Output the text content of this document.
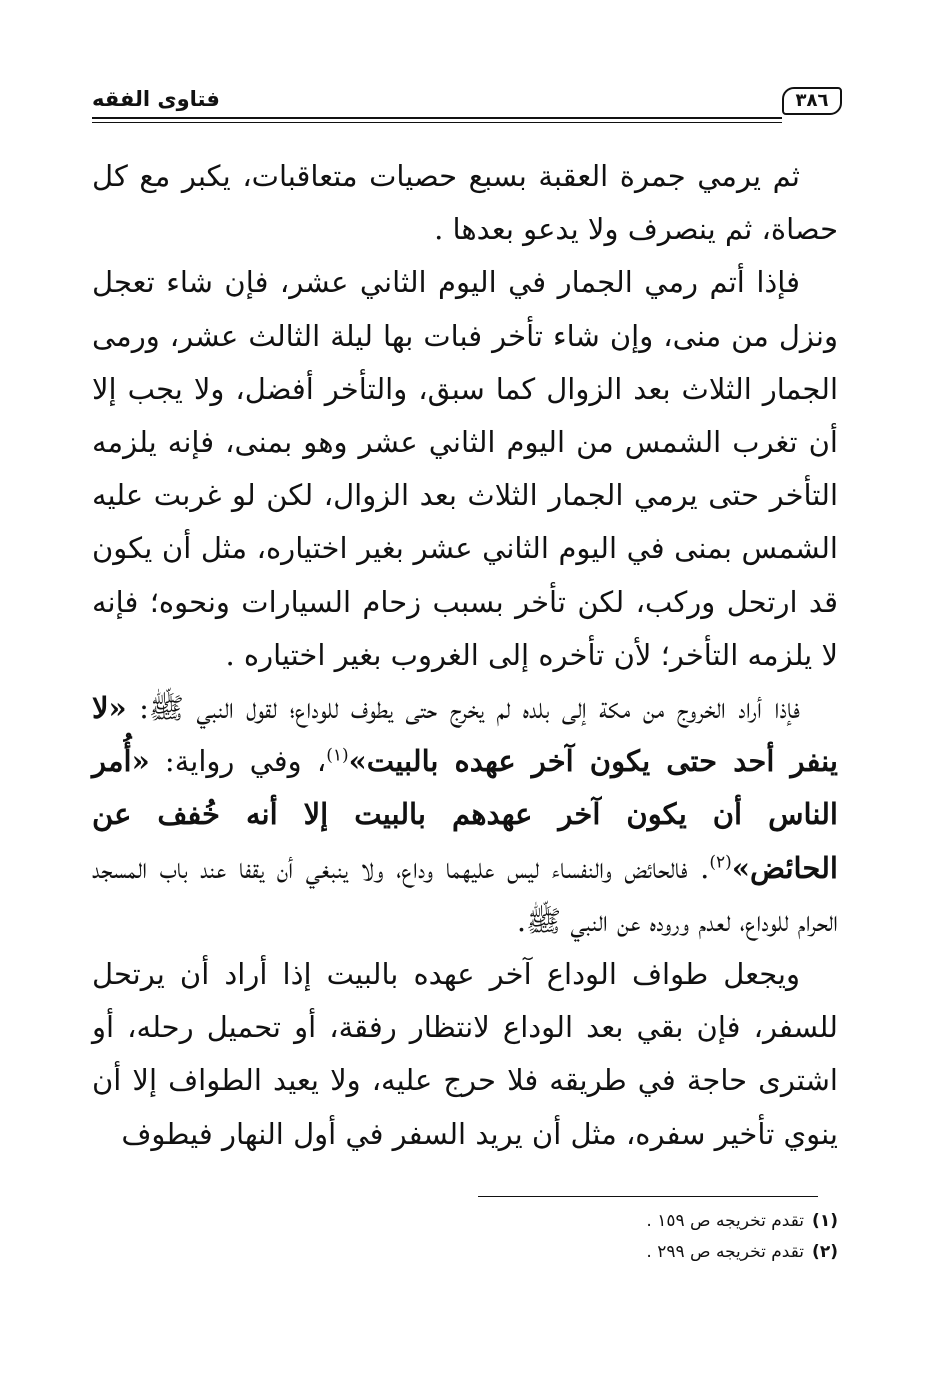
فتاوى الفقه	٣٨٦

ثم يرمي جمرة العقبة بسبع حصيات متعاقبات، يكبر مع كل حصاة، ثم ينصرف ولا يدعو بعدها .

فإذا أتم رمي الجمار في اليوم الثاني عشر، فإن شاء تعجل ونزل من منى، وإن شاء تأخر فبات بها ليلة الثالث عشر، ورمى الجمار الثلاث بعد الزوال كما سبق، والتأخر أفضل، ولا يجب إلا أن تغرب الشمس من اليوم الثاني عشر وهو بمنى، فإنه يلزمه التأخر حتى يرمي الجمار الثلاث بعد الزوال، لكن لو غربت عليه الشمس بمنى في اليوم الثاني عشر بغير اختياره، مثل أن يكون قد ارتحل وركب، لكن تأخر بسبب زحام السيارات ونحوه؛ فإنه لا يلزمه التأخر؛ لأن تأخره إلى الغروب بغير اختياره .

فإذا أراد الخروج من مكة إلى بلده لم يخرج حتى يطوف للوداع؛ لقول النبي ﷺ: «لا ينفر أحد حتى يكون آخر عهده بالبيت»$^{(١)}$، وفي رواية: «أُمر الناس أن يكون آخر عهدهم بالبيت إلا أنه خُفف عن الحائض»$^{(٢)}$. فالحائض والنفساء ليس عليهما وداع، ولا ينبغي أن يقفا عند باب المسجد الحرام للوداع، لعدم وروده عن النبي ﷺ.

ويجعل طواف الوداع آخر عهده بالبيت إذا أراد أن يرتحل للسفر، فإن بقي بعد الوداع لانتظار رفقة، أو تحميل رحله، أو اشترى حاجة في طريقه فلا حرج عليه، ولا يعيد الطواف إلا أن ينوي تأخير سفره، مثل أن يريد السفر في أول النهار فيطوف

(١)تقدم تخريجه ص ١٥٩ .

(٢)تقدم تخريجه ص ٢٩٩ .
